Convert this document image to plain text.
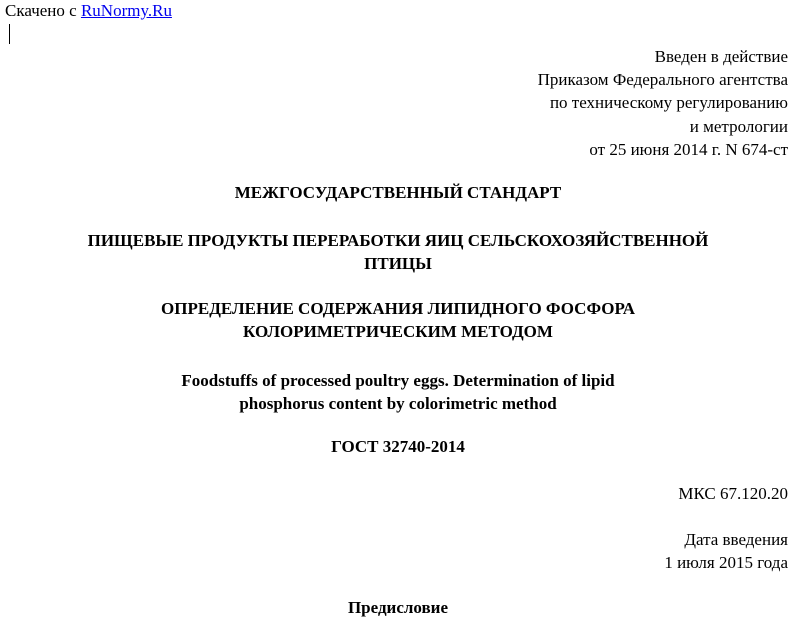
Скачено с RuNormy.Ru
Введен в действие
Приказом Федерального агентства
по техническому регулированию
и метрологии
от 25 июня 2014 г. N 674-ст
МЕЖГОСУДАРСТВЕННЫЙ СТАНДАРТ
ПИЩЕВЫЕ ПРОДУКТЫ ПЕРЕРАБОТКИ ЯИЦ СЕЛЬСКОХОЗЯЙСТВЕННОЙ
ПТИЦЫ
ОПРЕДЕЛЕНИЕ СОДЕРЖАНИЯ ЛИПИДНОГО ФОСФОРА
КОЛОРИМЕТРИЧЕСКИМ МЕТОДОМ
Foodstuffs of processed poultry eggs. Determination of lipid
phosphorus content by colorimetric method
ГОСТ 32740-2014
МКС 67.120.20
Дата введения
1 июля 2015 года
Предисловие
